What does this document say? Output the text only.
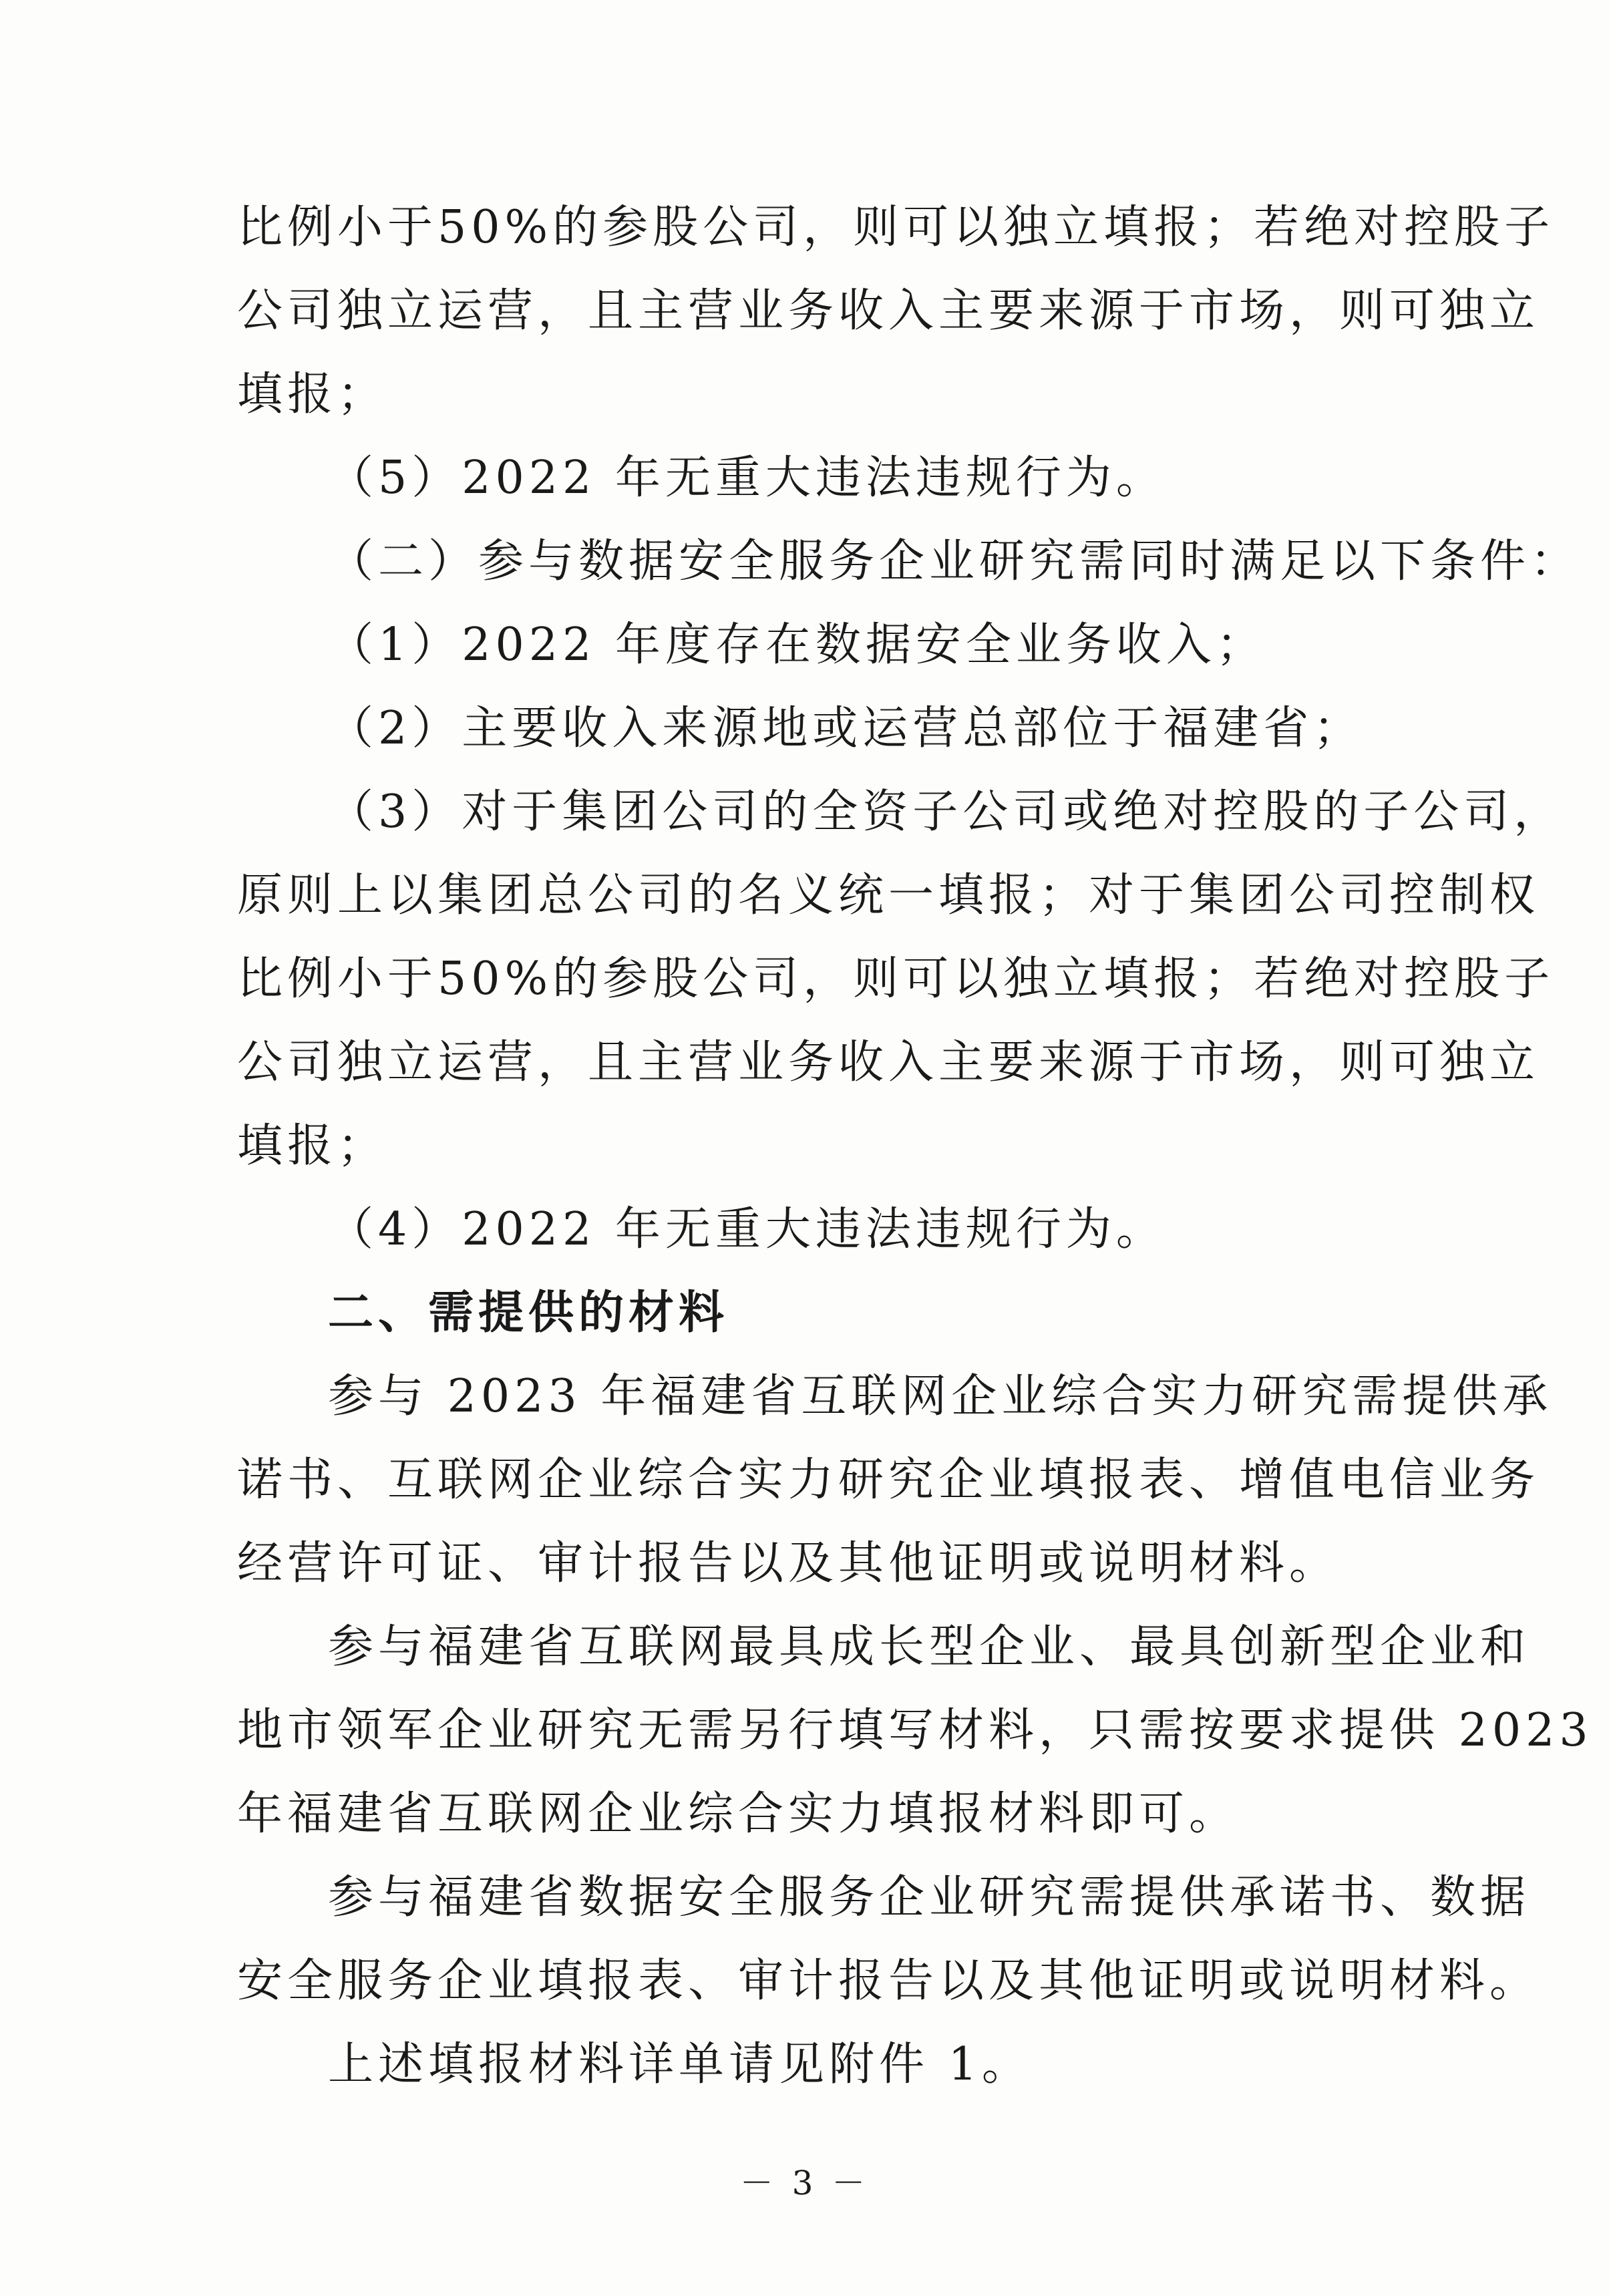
比例小于50%的参股公司，则可以独立填报；若绝对控股子
公司独立运营，且主营业务收入主要来源于市场，则可独立
填报；
（5）2022 年无重大违法违规行为。
（二）参与数据安全服务企业研究需同时满足以下条件：
（1）2022 年度存在数据安全业务收入；
（2）主要收入来源地或运营总部位于福建省；
（3）对于集团公司的全资子公司或绝对控股的子公司，
原则上以集团总公司的名义统一填报；对于集团公司控制权
比例小于50%的参股公司，则可以独立填报；若绝对控股子
公司独立运营，且主营业务收入主要来源于市场，则可独立
填报；
（4）2022 年无重大违法违规行为。
二、需提供的材料
参与 2023 年福建省互联网企业综合实力研究需提供承
诺书、互联网企业综合实力研究企业填报表、增值电信业务
经营许可证、审计报告以及其他证明或说明材料。
参与福建省互联网最具成长型企业、最具创新型企业和
地市领军企业研究无需另行填写材料，只需按要求提供 2023
年福建省互联网企业综合实力填报材料即可。
参与福建省数据安全服务企业研究需提供承诺书、数据
安全服务企业填报表、审计报告以及其他证明或说明材料。
上述填报材料详单请见附件 1。
－ 3 －
